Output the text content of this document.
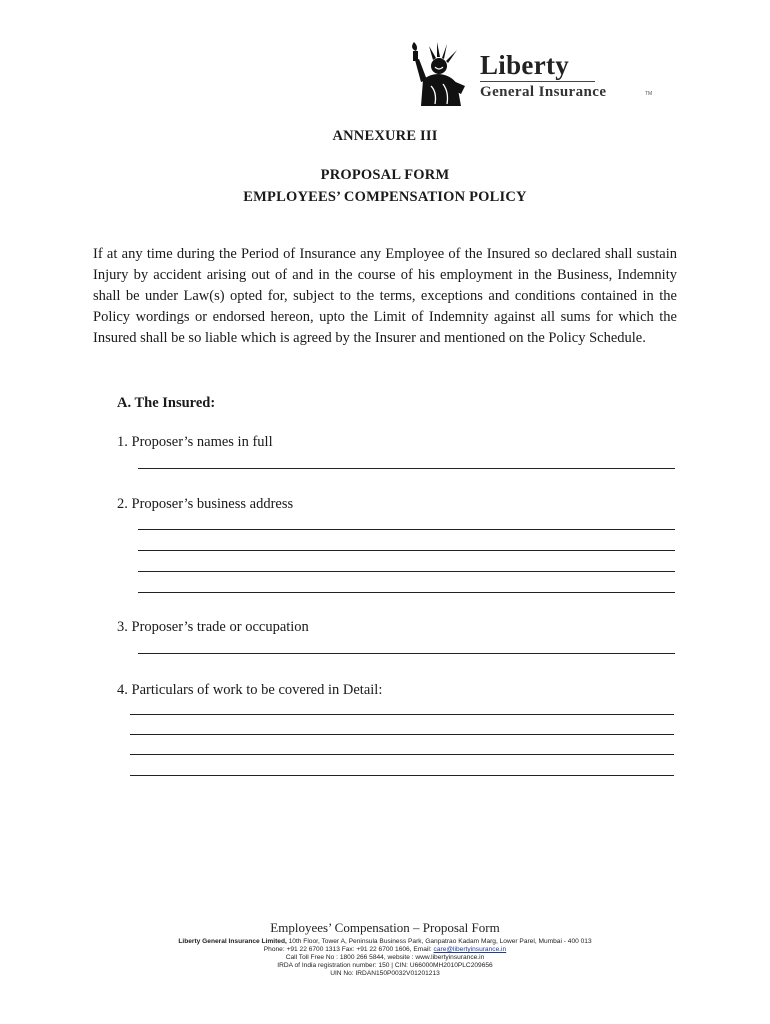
Liberty
General Insurance	TM
ANNEXURE III
PROPOSAL FORM
EMPLOYEES’ COMPENSATION POLICY

If at any time during the Period of Insurance any Employee of the Insured so declared shall sustain Injury by accident arising out of and in the course of his employment in the Business, Indemnity shall be under Law(s) opted for, subject to the terms, exceptions and conditions contained in the Policy wordings or endorsed hereon, upto the Limit of Indemnity against all sums for which the Insured shall be so liable which is agreed by the Insurer and mentioned on the Policy Schedule.

A. The Insured:
1. Proposer’s names in full
2. Proposer’s business address
3. Proposer’s trade or occupation
4. Particulars of work to be covered in Detail:
Employees’ Compensation – Proposal Form
Liberty General Insurance Limited, 10th Floor, Tower A, Peninsula Business Park, Ganpatrao Kadam Marg, Lower Parel, Mumbai - 400 013
Phone: +91 22 6700 1313 Fax: +91 22 6700 1606, Email: care@libertyinsurance.in
Call Toll Free No : 1800 266 5844, website : www.libertyinsurance.in
IRDA of India registration number: 150 | CIN: U66000MH2010PLC209656
UIN No: IRDAN150P0032V01201213
